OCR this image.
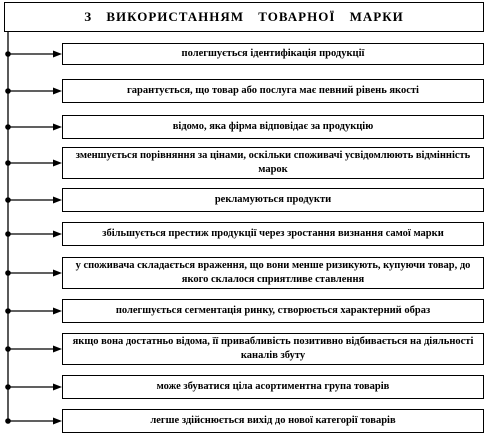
З ВИКОРИСТАННЯМ ТОВАРНОЇ МАРКИ
полегшується ідентифікація продукції
гарантується, що товар або послуга має певний рівень якості
відомо, яка фірма відповідає за продукцію
зменшується порівняння за цінами, оскільки споживачі усвідомлюють відмінність марок
рекламуються продукти
збільшується престиж продукції через зростання визнання самої марки
у споживача складається враження, що вони менше ризикують, купуючи товар, до якого склалося сприятливе ставлення
полегшується сегментація ринку, створюється характерний образ
якщо вона достатньо відома, її привабливість позитивно відбивається на діяльності каналів збуту
може збуватися ціла асортиментна група товарів
легше здійснюється вихід до нової категорії товарів
